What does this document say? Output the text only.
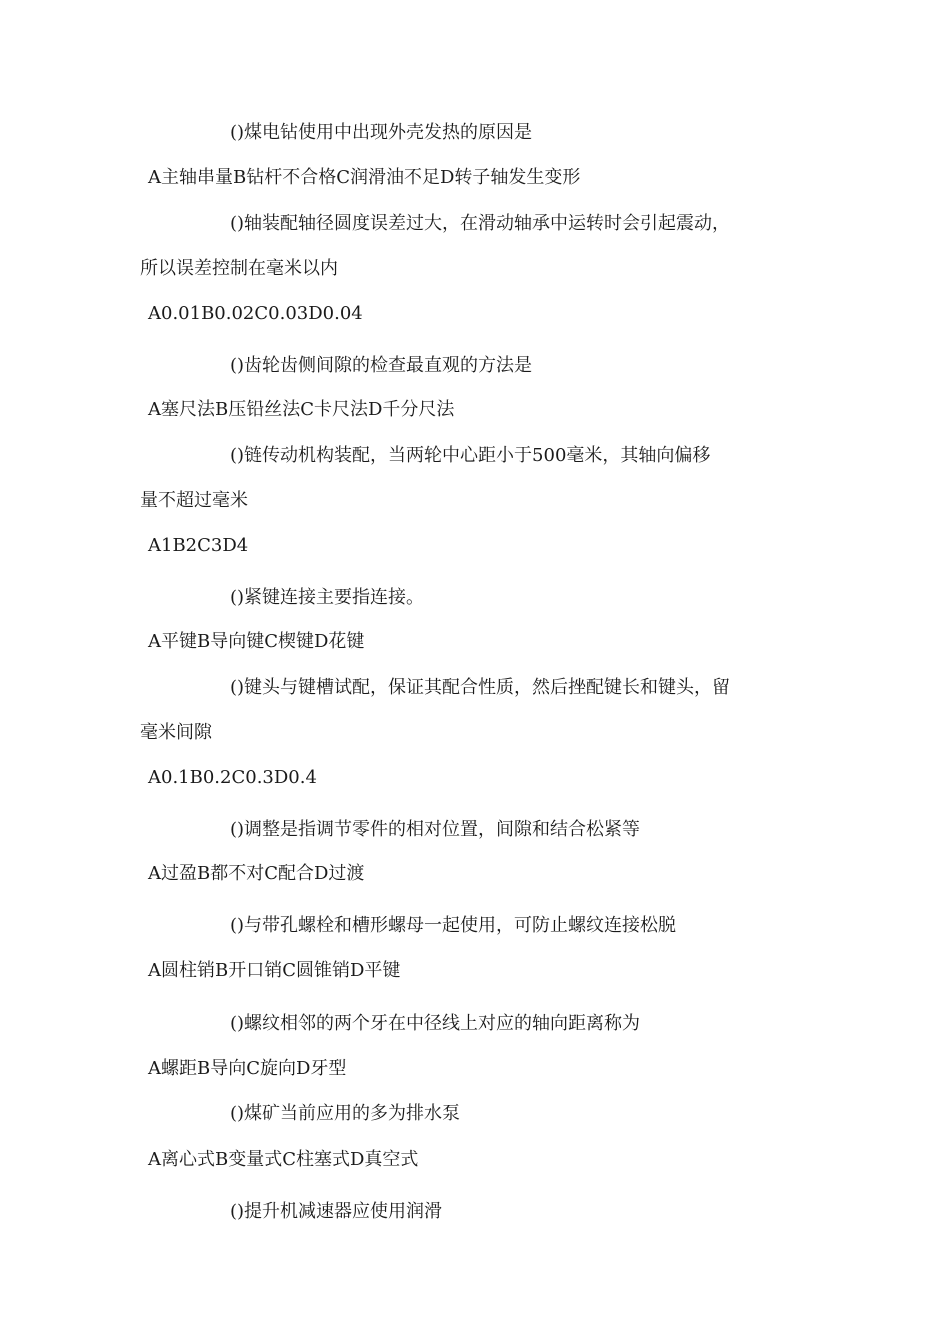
()煤电钻使用中出现外壳发热的原因是
A主轴串量B钻杆不合格C润滑油不足D转子轴发生变形
()轴装配轴径圆度误差过大，在滑动轴承中运转时会引起震动，
所以误差控制在毫米以内
A0.01B0.02C0.03D0.04
()齿轮齿侧间隙的检查最直观的方法是
A塞尺法B压铅丝法C卡尺法D千分尺法
()链传动机构装配，当两轮中心距小于500毫米，其轴向偏移
量不超过毫米
A1B2C3D4
()紧键连接主要指连接。
A平键B导向键C楔键D花键
()键头与键槽试配，保证其配合性质，然后挫配键长和键头，留
毫米间隙
A0.1B0.2C0.3D0.4
()调整是指调节零件的相对位置，间隙和结合松紧等
A过盈B都不对C配合D过渡
()与带孔螺栓和槽形螺母一起使用，可防止螺纹连接松脱
A圆柱销B开口销C圆锥销D平键
()螺纹相邻的两个牙在中径线上对应的轴向距离称为
A螺距B导向C旋向D牙型
()煤矿当前应用的多为排水泵
A离心式B变量式C柱塞式D真空式
()提升机减速器应使用润滑
